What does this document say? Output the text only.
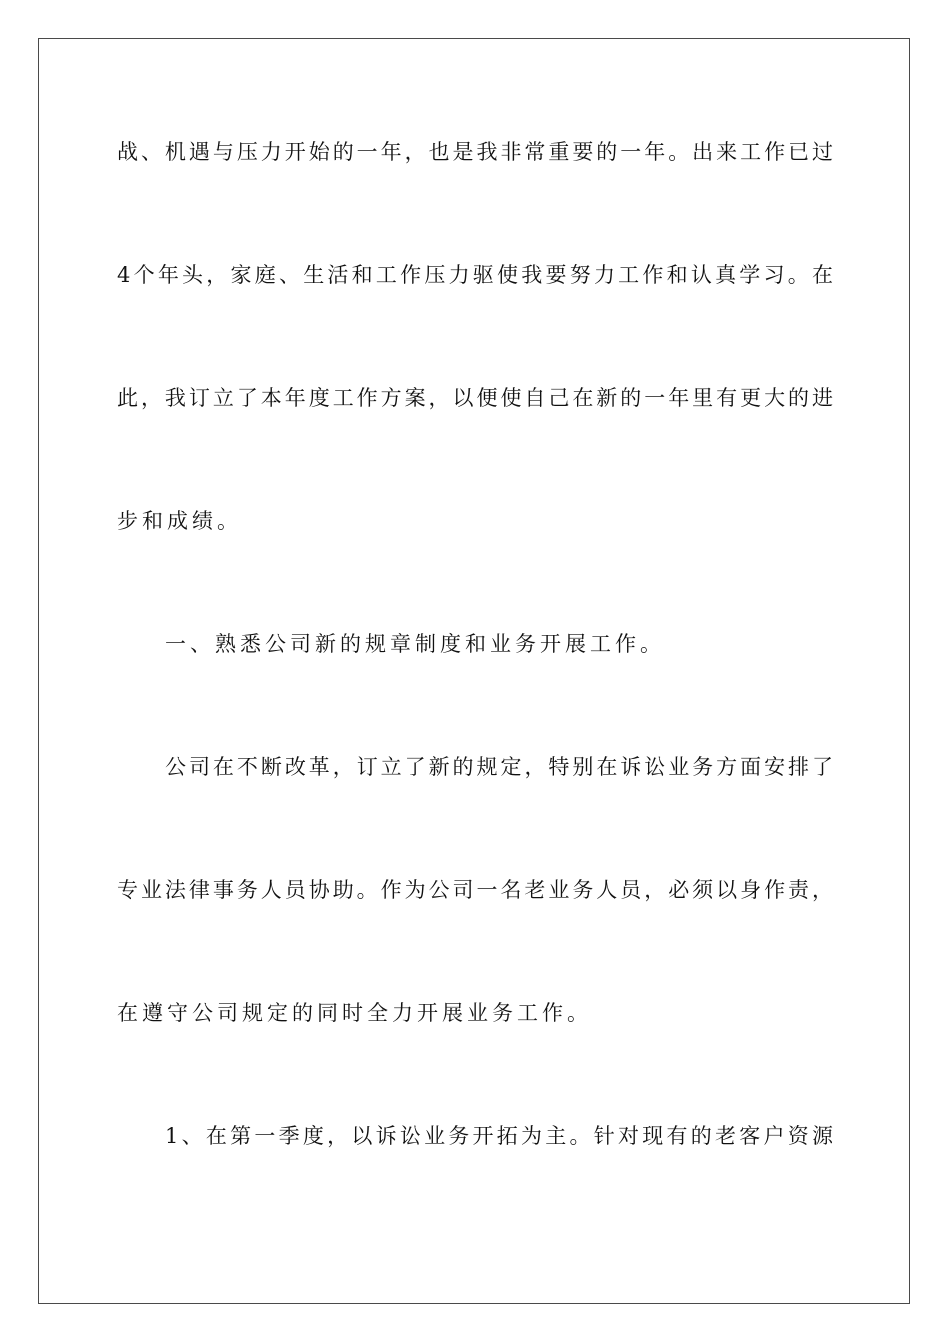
战、机遇与压力开始的一年，也是我非常重要的一年。出来工作已过
4个年头，家庭、生活和工作压力驱使我要努力工作和认真学习。在
此，我订立了本年度工作方案，以便使自己在新的一年里有更大的进
步和成绩。
一、熟悉公司新的规章制度和业务开展工作。
公司在不断改革，订立了新的规定，特别在诉讼业务方面安排了
专业法律事务人员协助。作为公司一名老业务人员，必须以身作责，
在遵守公司规定的同时全力开展业务工作。
1、在第一季度，以诉讼业务开拓为主。针对现有的老客户资源
